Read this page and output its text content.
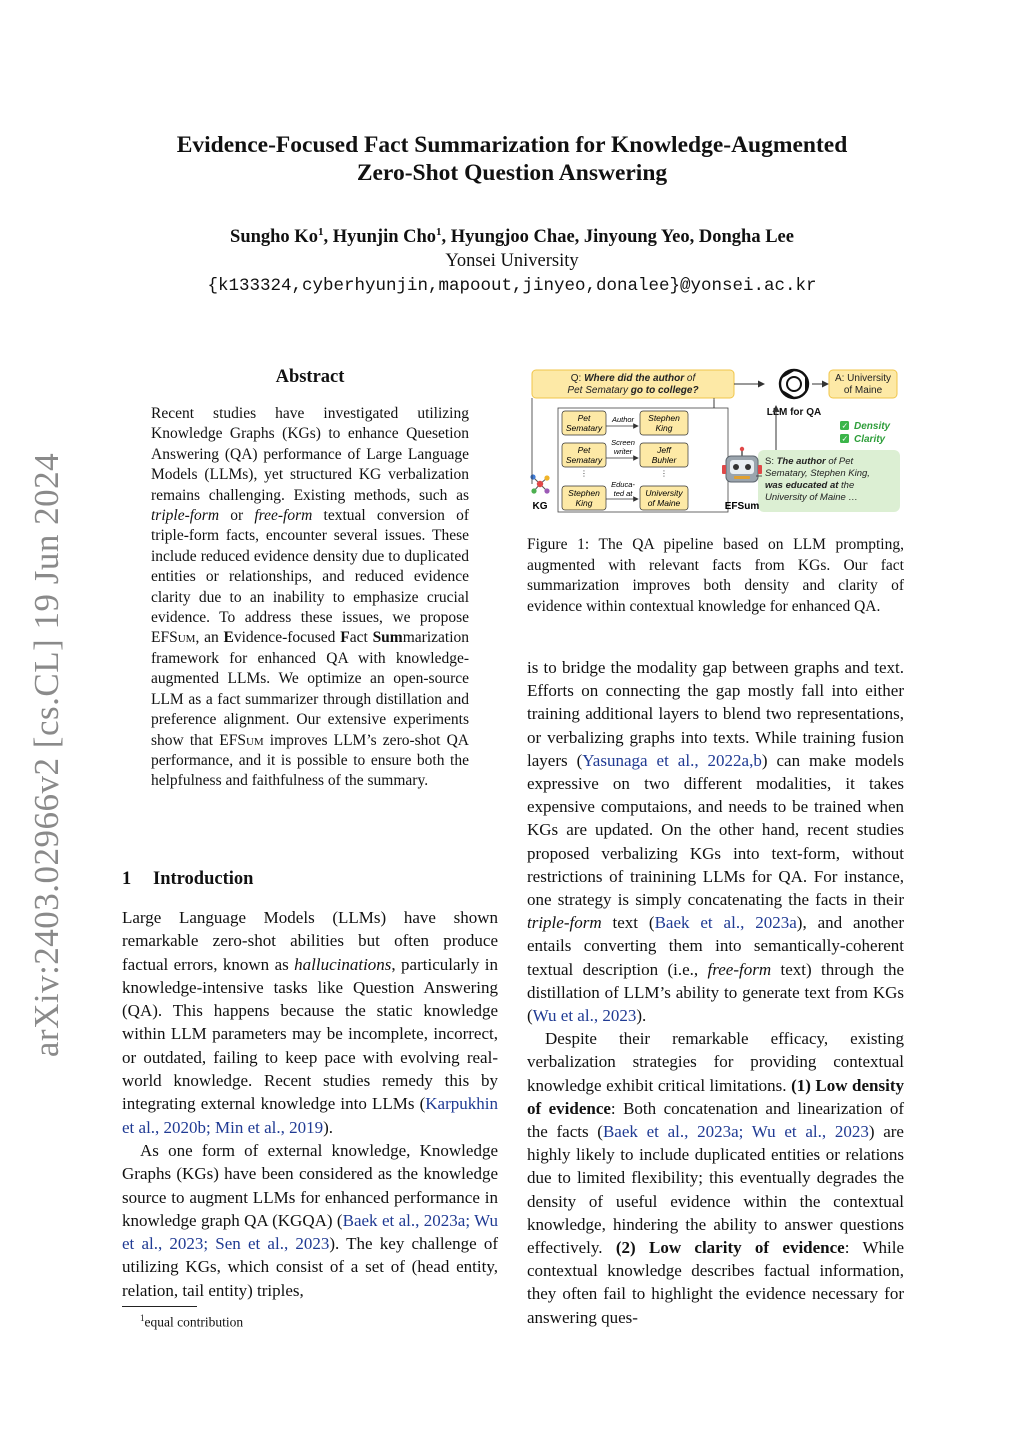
arXiv:2403.02966v2 [cs.CL] 19 Jun 2024
Evidence-Focused Fact Summarization for Knowledge-Augmented
Zero-Shot Question Answering
Sungho Ko$^1$, Hyunjin Cho$^1$, Hyungjoo Chae, Jinyoung Yeo, Dongha Lee
Yonsei University
{k133324,cyberhyunjin,mapoout,jinyeo,donalee}@yonsei.ac.kr
Abstract
Recent studies have investigated utilizing Knowledge Graphs (KGs) to enhance Quesetion Answering (QA) performance of Large Language Models (LLMs), yet structured KG verbalization remains challenging. Existing methods, such as triple-form or free-form textual conversion of triple-form facts, encounter several issues. These include reduced evidence density due to duplicated entities or relationships, and reduced evidence clarity due to an inability to emphasize crucial evidence. To address these issues, we propose EFSum, an Evidence-focused Fact Summarization framework for enhanced QA with knowledge-augmented LLMs. We optimize an open-source LLM as a fact summarizer through distillation and preference alignment. Our extensive experiments show that EFSum improves LLM’s zero-shot QA performance, and it is possible to ensure both the helpfulness and faithfulness of the summary.
1 Introduction

Large Language Models (LLMs) have shown remarkable zero-shot abilities but often produce factual errors, known as hallucinations, particularly in knowledge-intensive tasks like Question Answering (QA). This happens because the static knowledge within LLM parameters may be incomplete, incorrect, or outdated, failing to keep pace with evolving real-world knowledge. Recent studies remedy this by integrating external knowledge into LLMs (Karpukhin et al., 2020b; Min et al., 2019).

As one form of external knowledge, Knowledge Graphs (KGs) have been considered as the knowledge source to augment LLMs for enhanced performance in knowledge graph QA (KGQA) (Baek et al., 2023a; Wu et al., 2023; Sen et al., 2023). The key challenge of utilizing KGs, which consist of a set of (head entity, relation, tail entity) triples,

$^1$equal contribution
Q: Where did the author of
Pet Sematary go to college?
LLM for QA
A: University
of Maine
✓ Density
✓ Clarity
S: The author of Pet
Sematary, Stephen King,
was educated at the
University of Maine …
Pet
Sematary
Pet
Sematary
⋮
Stephen
King
Stephen
King
Jeff
Buhler
⋮
University
of Maine
Author
Screen
writer
Educa-
ted at
KG	EFSum
Figure 1: The QA pipeline based on LLM prompting, augmented with relevant facts from KGs. Our fact summarization improves both density and clarity of evidence within contextual knowledge for enhanced QA.

is to bridge the modality gap between graphs and text. Efforts on connecting the gap mostly fall into either training additional layers to blend two representations, or verbalizing graphs into texts. While training fusion layers (Yasunaga et al., 2022a,b) can make models expressive on two different modalities, it takes expensive computaions, and needs to be trained when KGs are updated. On the other hand, recent studies proposed verbalizing KGs into text-form, without restrictions of trainining LLMs for QA. For instance, one strategy is simply concatenating the facts in their triple-form text (Baek et al., 2023a), and another entails converting them into semantically-coherent textual description (i.e., free-form text) through the distillation of LLM’s ability to generate text from KGs (Wu et al., 2023).

Despite their remarkable efficacy, existing verbalization strategies for providing contextual knowledge exhibit critical limitations. (1) Low density of evidence: Both concatenation and linearization of the facts (Baek et al., 2023a; Wu et al., 2023) are highly likely to include duplicated entities or relations due to limited flexibility; this eventually degrades the density of useful evidence within the contextual knowledge, hindering the ability to answer questions effectively. (2) Low clarity of evidence: While contextual knowledge describes factual information, they often fail to highlight the evidence necessary for answering ques-
